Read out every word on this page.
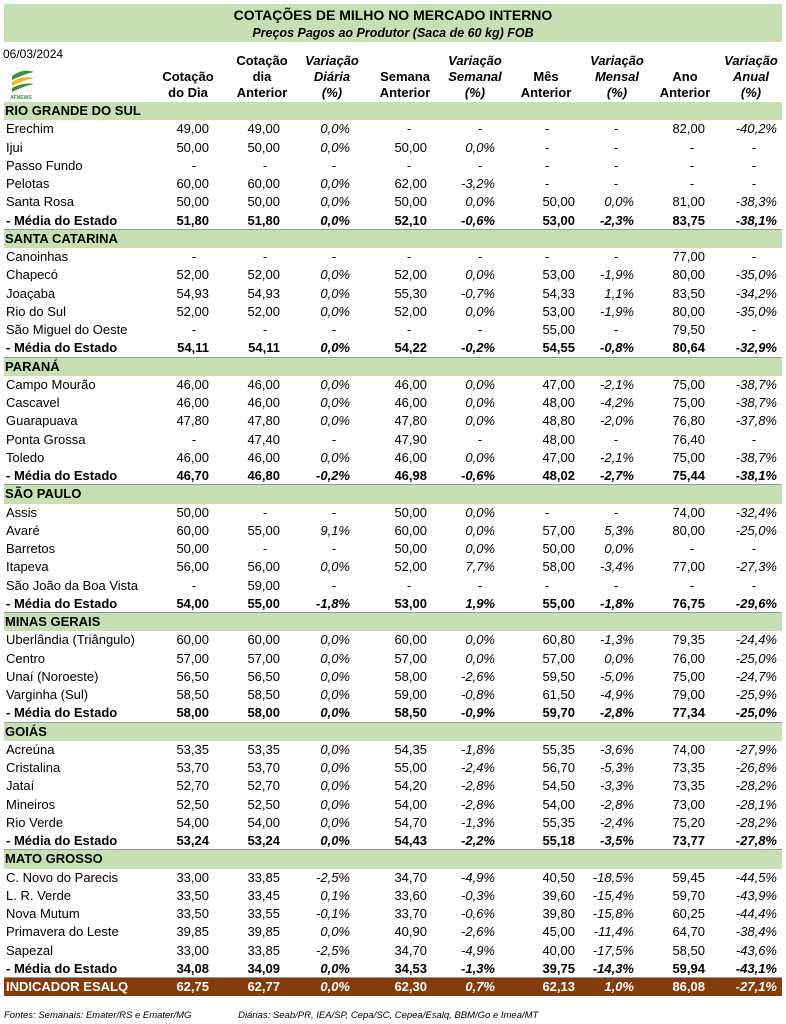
COTAÇÕES DE MILHO NO MERCADO INTERNO
Preços Pagos ao Produtor (Saca de 60 kg) FOB
06/03/2024
AFNEWS
Cotação
do Dia
Cotação
dia
Anterior
Variação
Diária
(%)
Semana
Anterior
Variação
Semanal
(%)
Mês
Anterior
Variação
Mensal
(%)
Ano
Anterior
Variação
Anual
(%)
RIO GRANDE DO SUL
Erechim	49,00	49,00	0,0%	-	-	-	-	82,00 -40,2%
Ijui	50,00	50,00	0,0%	50,00	0,0%	-	-	-	-
Passo Fundo	-	-	-	-	-	-	-	-	-
Pelotas	60,00	60,00	0,0%	62,00	-3,2%	-	-	-	-
Santa Rosa	50,00	50,00	0,0%	50,00	0,0%	50,00 0,0%	81,00 -38,3%
- Média do Estado	51,80	51,80	0,0%	52,10	-0,6%	53,00 -2,3%	83,75 -38,1%
SANTA CATARINA
Canoinhas	-	-	-	-	-	-	-	77,00	-
Chapecó	52,00	52,00	0,0%	52,00	0,0%	53,00 -1,9%	80,00 -35,0%
Joaçaba	54,93	54,93	0,0%	55,30	-0,7%	54,33 1,1%	83,50 -34,2%
Rio do Sul	52,00	52,00	0,0%	52,00	0,0%	53,00 -1,9%	80,00 -35,0%
São Miguel do Oeste	-	-	-	-	-	55,00	-	79,50	-
- Média do Estado	54,11	54,11	0,0%	54,22	-0,2%	54,55 -0,8%	80,64 -32,9%
PARANÁ
Campo Mourão	46,00	46,00	0,0%	46,00	0,0%	47,00 -2,1%	75,00 -38,7%
Cascavel	46,00	46,00	0,0%	46,00	0,0%	48,00 -4,2%	75,00 -38,7%
Guarapuava	47,80	47,80	0,0%	47,80	0,0%	48,80 -2,0%	76,80 -37,8%
Ponta Grossa	-	47,40	-	47,90	-	48,00	-	76,40	-
Toledo	46,00	46,00	0,0%	46,00	0,0%	47,00 -2,1%	75,00 -38,7%
- Média do Estado	46,70	46,80	-0,2%	46,98	-0,6%	48,02 -2,7%	75,44 -38,1%
SÃO PAULO
Assis	50,00	-	-	50,00	0,0%	-	-	74,00 -32,4%
Avaré	60,00	55,00	9,1%	60,00	0,0%	57,00 5,3%	80,00 -25,0%
Barretos	50,00	-	-	50,00	0,0%	50,00 0,0%	-	-
Itapeva	56,00	56,00	0,0%	52,00	7,7%	58,00 -3,4%	77,00 -27,3%
São João da Boa Vista	-	59,00	-	-	-	-	-	-	-
- Média do Estado	54,00	55,00	-1,8%	53,00	1,9%	55,00 -1,8%	76,75 -29,6%
MINAS GERAIS
Uberlândia (Triângulo)	60,00	60,00	0,0%	60,00	0,0%	60,80 -1,3%	79,35 -24,4%
Centro	57,00	57,00	0,0%	57,00	0,0%	57,00 0,0%	76,00 -25,0%
Unaí (Noroeste)	56,50	56,50	0,0%	58,00	-2,6%	59,50 -5,0%	75,00 -24,7%
Varginha (Sul)	58,50	58,50	0,0%	59,00	-0,8%	61,50 -4,9%	79,00 -25,9%
- Média do Estado	58,00	58,00	0,0%	58,50	-0,9%	59,70 -2,8%	77,34 -25,0%
GOIÁS
Acreúna	53,35	53,35	0,0%	54,35	-1,8%	55,35 -3,6%	74,00 -27,9%
Cristalina	53,70	53,70	0,0%	55,00	-2,4%	56,70 -5,3%	73,35 -26,8%
Jataí	52,70	52,70	0,0%	54,20	-2,8%	54,50 -3,3%	73,35 -28,2%
Mineiros	52,50	52,50	0,0%	54,00	-2,8%	54,00 -2,8%	73,00 -28,1%
Rio Verde	54,00	54,00	0,0%	54,70	-1,3%	55,35 -2,4%	75,20 -28,2%
- Média do Estado	53,24	53,24	0,0%	54,43	-2,2%	55,18 -3,5%	73,77 -27,8%
MATO GROSSO
C. Novo do Parecis	33,00	33,85	-2,5%	34,70	-4,9%	40,50 -18,5%	59,45 -44,5%
L. R. Verde	33,50	33,45	0,1%	33,60	-0,3%	39,60 -15,4%	59,70 -43,9%
Nova Mutum	33,50	33,55	-0,1%	33,70	-0,6%	39,80 -15,8%	60,25 -44,4%
Primavera do Leste	39,85	39,85	0,0%	40,90	-2,6%	45,00 -11,4%	64,70 -38,4%
Sapezal	33,00	33,85	-2,5%	34,70	-4,9%	40,00 -17,5%	58,50 -43,6%
- Média do Estado	34,08	34,09	0,0%	34,53	-1,3%	39,75 -14,3%	59,94 -43,1%
INDICADOR ESALQ	62,75	62,77	0,0%	62,30	0,7%	62,13 1,0%	86,08 -27,1%
Fontes: Semanais: Emater/RS e Emater/MG	Diárias: Seab/PR, IEA/SP, Cepa/SC, Cepea/Esalq, BBM/Go e Imea/MT
